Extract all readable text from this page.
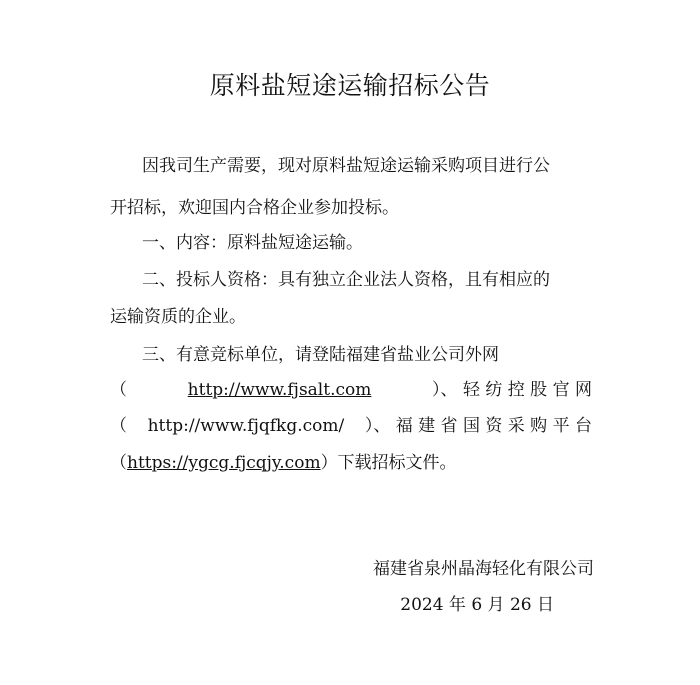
原料盐短途运输招标公告
因我司生产需要，现对原料盐短途运输采购项目进行公
开招标，欢迎国内合格企业参加投标。
一、内容：原料盐短途运输。
二、投标人资格：具有独立企业法人资格，且有相应的
运输资质的企业。
三、有意竞标单位，请登陆福建省盐业公司外网
（	http://www.fjsalt.com	）、 轻 纺 控 股 官 网
（ http://www.fjqfkg.com/ ）、 福 建 省 国 资 采 购 平 台
（https://ygcg.fjcqjy.com）下载招标文件。
福建省泉州晶海轻化有限公司
2024 年 6 月 26 日
